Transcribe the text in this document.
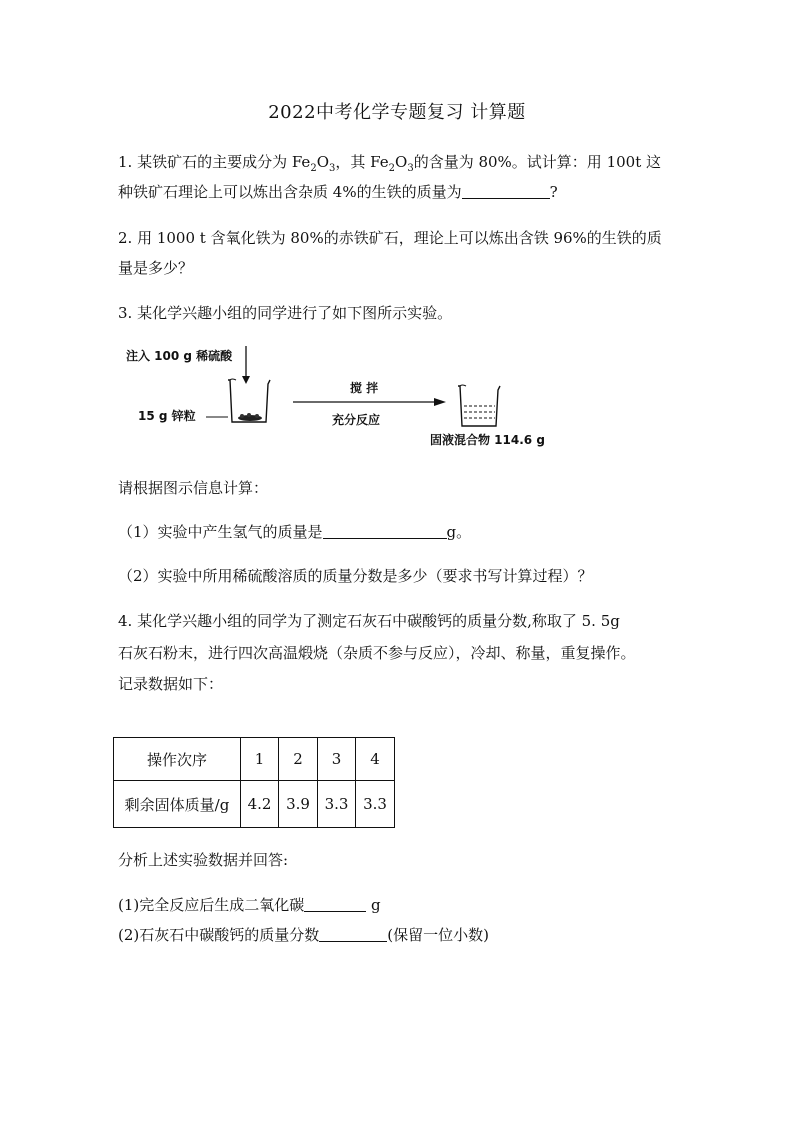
2022中考化学专题复习 计算题
1. 某铁矿石的主要成分为 $Fe_2O_3$，其 $Fe_2O_3$的含量为 80%。试计算：用 100t 这
种铁矿石理论上可以炼出含杂质 4%的生铁的质量为	?
2. 用 1000 t 含氧化铁为 80%的赤铁矿石，理论上可以炼出含铁 96%的生铁的质
量是多少？
3. 某化学兴趣小组的同学进行了如下图所示实验。
注入 100 g 稀硫酸
15 g 锌粒
搅 拌
充分反应
固液混合物 114.6 g
请根据图示信息计算：
（1）实验中产生氢气的质量是	g。
（2）实验中所用稀硫酸溶质的质量分数是多少（要求书写计算过程）？
4. 某化学兴趣小组的同学为了测定石灰石中碳酸钙的质量分数,称取了 5. 5g
石灰石粉末，进行四次高温煅烧（杂质不参与反应），冷却、称量，重复操作。
记录数据如下：
操作次序	1	2	3	4
剩余固体质量/g	4.2	3.9	3.3	3.3
分析上述实验数据并回答:
(1)完全反应后生成二氧化碳	g
(2)石灰石中碳酸钙的质量分数	(保留一位小数)
